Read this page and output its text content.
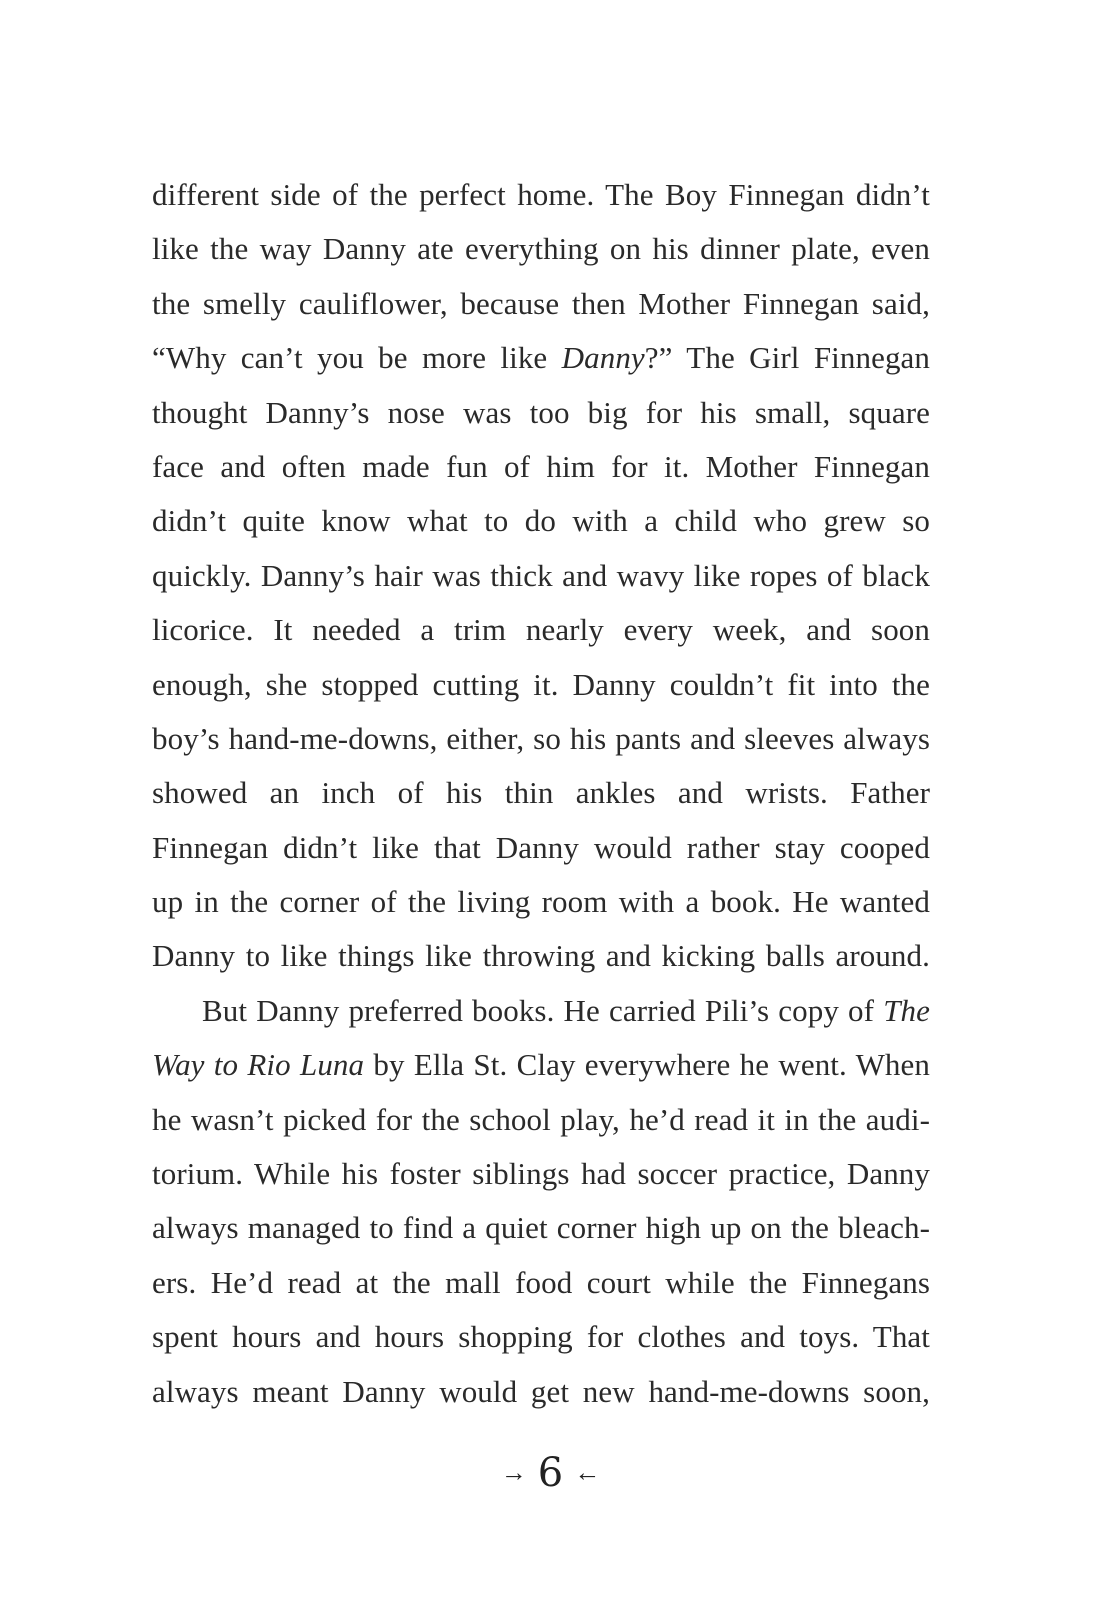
different side of the perfect home. The Boy Finnegan didn’t
like the way Danny ate everything on his dinner plate, even
the smelly cauliflower, because then Mother Finnegan said,
“Why can’t you be more like Danny?” The Girl Finnegan
thought Danny’s nose was too big for his small, square
face and often made fun of him for it. Mother Finnegan
didn’t quite know what to do with a child who grew so
quickly. Danny’s hair was thick and wavy like ropes of black
licorice. It needed a trim nearly every week, and soon
enough, she stopped cutting it. Danny couldn’t fit into the
boy’s hand-me-downs, either, so his pants and sleeves always
showed an inch of his thin ankles and wrists. Father
Finnegan didn’t like that Danny would rather stay cooped
up in the corner of the living room with a book. He wanted
Danny to like things like throwing and kicking balls around.
But Danny preferred books. He carried Pili’s copy of The
Way to Rio Luna by Ella St. Clay everywhere he went. When
he wasn’t picked for the school play, he’d read it in the audi-
torium. While his foster siblings had soccer practice, Danny
always managed to find a quiet corner high up on the bleach-
ers. He’d read at the mall food court while the Finnegans
spent hours and hours shopping for clothes and toys. That
always meant Danny would get new hand-me-downs soon,
→ 6 ←
